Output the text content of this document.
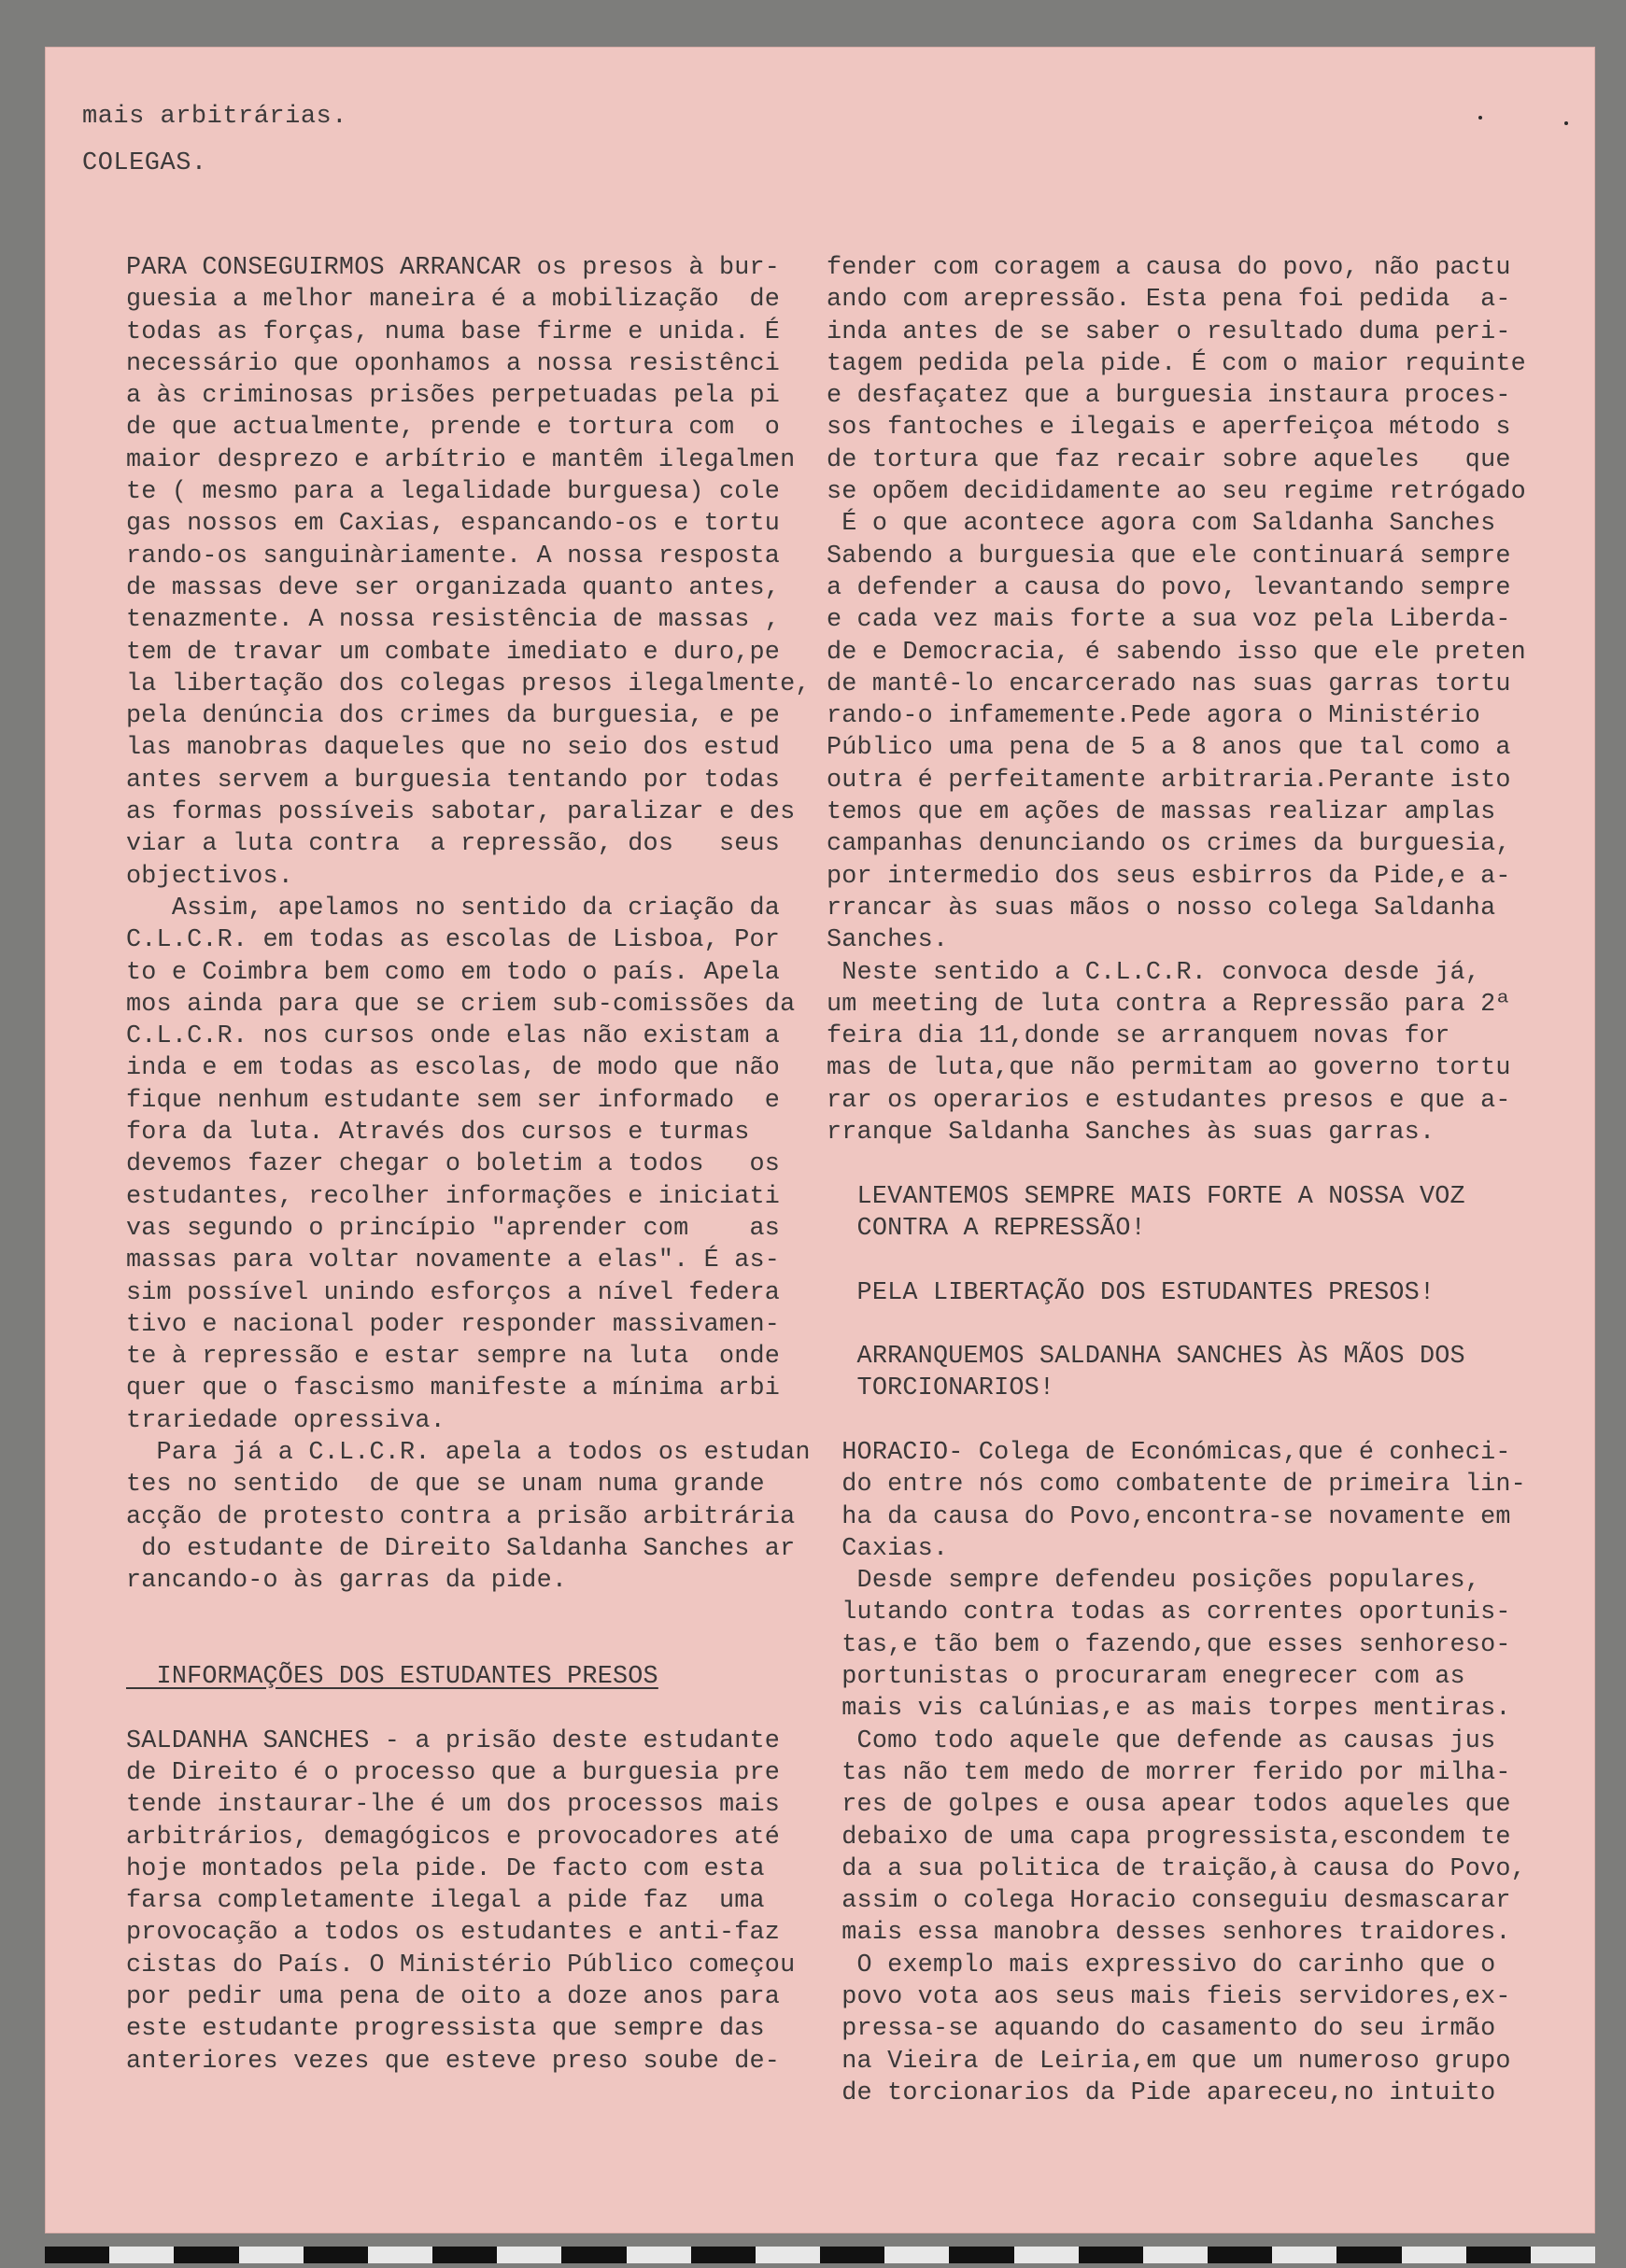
mais arbitrárias.
COLEGAS.
PARA CONSEGUIRMOS ARRANCAR os presos à bur-
guesia a melhor maneira é a mobilização  de
todas as forças, numa base firme e unida. É
necessário que oponhamos a nossa resistênci
a às criminosas prisões perpetuadas pela pi
de que actualmente, prende e tortura com  o
maior desprezo e arbítrio e mantêm ilegalmen
te ( mesmo para a legalidade burguesa) cole
gas nossos em Caxias, espancando-os e tortu
rando-os sanguinàriamente. A nossa resposta
de massas deve ser organizada quanto antes,
tenazmente. A nossa resistência de massas ,
tem de travar um combate imediato e duro,pe
la libertação dos colegas presos ilegalmente,
pela denúncia dos crimes da burguesia, e pe
las manobras daqueles que no seio dos estud
antes servem a burguesia tentando por todas
as formas possíveis sabotar, paralizar e des
viar a luta contra  a repressão, dos   seus
objectivos.
Assim, apelamos no sentido da criação da
C.L.C.R. em todas as escolas de Lisboa, Por
to e Coimbra bem como em todo o país. Apela
mos ainda para que se criem sub-comissões da
C.L.C.R. nos cursos onde elas não existam a
inda e em todas as escolas, de modo que não
fique nenhum estudante sem ser informado  e
fora da luta. Através dos cursos e turmas
devemos fazer chegar o boletim a todos   os
estudantes, recolher informações e iniciati
vas segundo o princípio "aprender com    as
massas para voltar novamente a elas". É as-
sim possível unindo esforços a nível federa
tivo e nacional poder responder massivamen-
te à repressão e estar sempre na luta  onde
quer que o fascismo manifeste a mínima arbi
trariedade opressiva.
Para já a C.L.C.R. apela a todos os estudan
tes no sentido  de que se unam numa grande
acção de protesto contra a prisão arbitrária
do estudante de Direito Saldanha Sanches ar
rancando-o às garras da pide.
INFORMAÇÕES DOS ESTUDANTES PRESOS
SALDANHA SANCHES - a prisão deste estudante
de Direito é o processo que a burguesia pre
tende instaurar-lhe é um dos processos mais
arbitrários, demagógicos e provocadores até
hoje montados pela pide. De facto com esta
farsa completamente ilegal a pide faz  uma
provocação a todos os estudantes e anti-faz
cistas do País. O Ministério Público começou
por pedir uma pena de oito a doze anos para
este estudante progressista que sempre das
anteriores vezes que esteve preso soube de-
fender com coragem a causa do povo, não pactu
ando com arepressão. Esta pena foi pedida  a-
inda antes de se saber o resultado duma peri-
tagem pedida pela pide. É com o maior requinte
e desfaçatez que a burguesia instaura proces-
sos fantoches e ilegais e aperfeiçoa método s
de tortura que faz recair sobre aqueles   que
se opõem decididamente ao seu regime retrógado
É o que acontece agora com Saldanha Sanches
Sabendo a burguesia que ele continuará sempre
a defender a causa do povo, levantando sempre
e cada vez mais forte a sua voz pela Liberda-
de e Democracia, é sabendo isso que ele preten
de mantê-lo encarcerado nas suas garras tortu
rando-o infamemente.Pede agora o Ministério
Público uma pena de 5 a 8 anos que tal como a
outra é perfeitamente arbitraria.Perante isto
temos que em ações de massas realizar amplas
campanhas denunciando os crimes da burguesia,
por intermedio dos seus esbirros da Pide,e a-
rrancar às suas mãos o nosso colega Saldanha
Sanches.
Neste sentido a C.L.C.R. convoca desde já,
um meeting de luta contra a Repressão para 2ª
feira dia 11,donde se arranquem novas for
mas de luta,que não permitam ao governo tortu
rar os operarios e estudantes presos e que a-
rranque Saldanha Sanches às suas garras.
LEVANTEMOS SEMPRE MAIS FORTE A NOSSA VOZ
CONTRA A REPRESSÃO!
PELA LIBERTAÇÃO DOS ESTUDANTES PRESOS!
ARRANQUEMOS SALDANHA SANCHES ÀS MÃOS DOS
TORCIONARIOS!
HORACIO- Colega de Económicas,que é conheci-
do entre nós como combatente de primeira lin-
ha da causa do Povo,encontra-se novamente em
Caxias.
Desde sempre defendeu posições populares,
lutando contra todas as correntes oportunis-
tas,e tão bem o fazendo,que esses senhoreso-
portunistas o procuraram enegrecer com as
mais vis calúnias,e as mais torpes mentiras.
Como todo aquele que defende as causas jus
tas não tem medo de morrer ferido por milha-
res de golpes e ousa apear todos aqueles que
debaixo de uma capa progressista,escondem te
da a sua politica de traição,à causa do Povo,
assim o colega Horacio conseguiu desmascarar
mais essa manobra desses senhores traidores.
O exemplo mais expressivo do carinho que o
povo vota aos seus mais fieis servidores,ex-
pressa-se aquando do casamento do seu irmão
na Vieira de Leiria,em que um numeroso grupo
de torcionarios da Pide apareceu,no intuito
